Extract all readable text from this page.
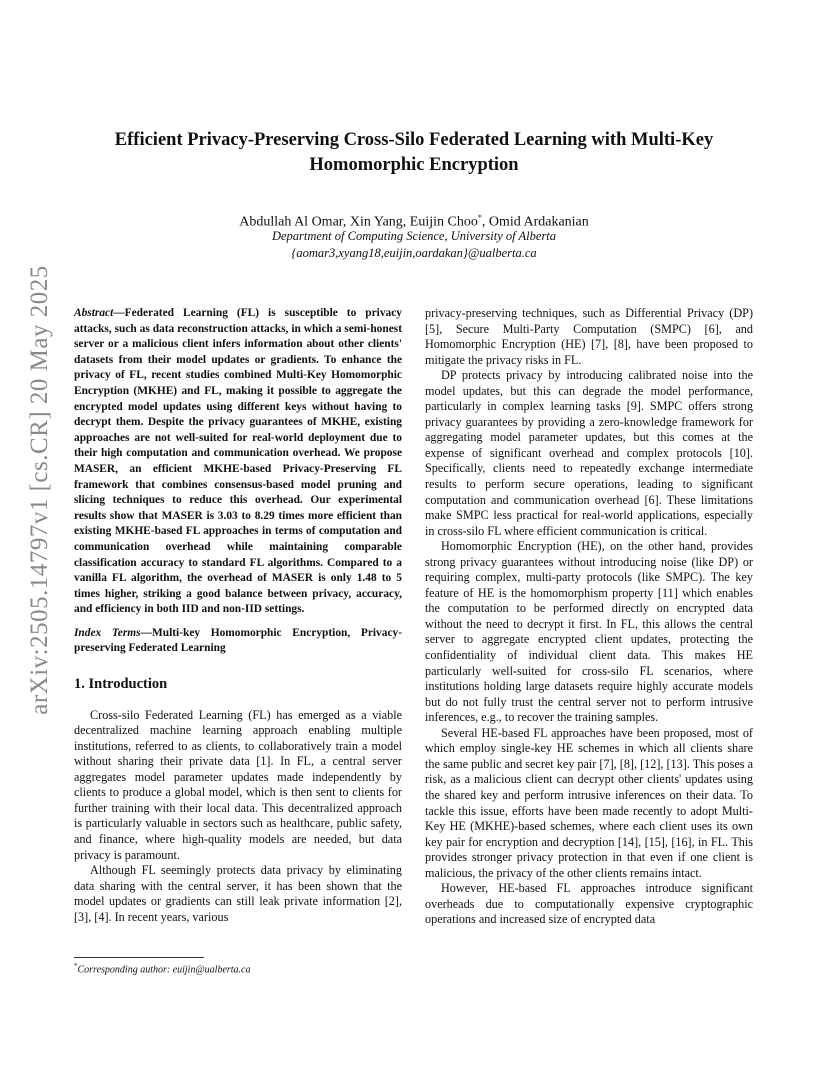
arXiv:2505.14797v1 [cs.CR] 20 May 2025
Efficient Privacy-Preserving Cross-Silo Federated Learning with Multi-Key Homomorphic Encryption
Abdullah Al Omar, Xin Yang, Euijin Choo*, Omid Ardakanian
Department of Computing Science, University of Alberta
{aomar3,xyang18,euijin,oardakan}@ualberta.ca

Abstract—Federated Learning (FL) is susceptible to privacy attacks, such as data reconstruction attacks, in which a semi-honest server or a malicious client infers information about other clients' datasets from their model updates or gradients. To enhance the privacy of FL, recent studies combined Multi-Key Homomorphic Encryption (MKHE) and FL, making it possible to aggregate the encrypted model updates using different keys without having to decrypt them. Despite the privacy guarantees of MKHE, existing approaches are not well-suited for real-world deployment due to their high computation and communication overhead. We propose MASER, an efficient MKHE-based Privacy-Preserving FL framework that combines consensus-based model pruning and slicing techniques to reduce this overhead. Our experimental results show that MASER is 3.03 to 8.29 times more efficient than existing MKHE-based FL approaches in terms of computation and communication overhead while maintaining comparable classification accuracy to standard FL algorithms. Compared to a vanilla FL algorithm, the overhead of MASER is only 1.48 to 5 times higher, striking a good balance between privacy, accuracy, and efficiency in both IID and non-IID settings.

Index Terms—Multi-key Homomorphic Encryption, Privacy-preserving Federated Learning

1. Introduction

Cross-silo Federated Learning (FL) has emerged as a viable decentralized machine learning approach enabling multiple institutions, referred to as clients, to collaboratively train a model without sharing their private data [1]. In FL, a central server aggregates model parameter updates made independently by clients to produce a global model, which is then sent to clients for further training with their local data. This decentralized approach is particularly valuable in sectors such as healthcare, public safety, and finance, where high-quality models are needed, but data privacy is paramount.

Although FL seemingly protects data privacy by eliminating data sharing with the central server, it has been shown that the model updates or gradients can still leak private information [2], [3], [4]. In recent years, various

privacy-preserving techniques, such as Differential Privacy (DP) [5], Secure Multi-Party Computation (SMPC) [6], and Homomorphic Encryption (HE) [7], [8], have been proposed to mitigate the privacy risks in FL.

DP protects privacy by introducing calibrated noise into the model updates, but this can degrade the model performance, particularly in complex learning tasks [9]. SMPC offers strong privacy guarantees by providing a zero-knowledge framework for aggregating model parameter updates, but this comes at the expense of significant overhead and complex protocols [10]. Specifically, clients need to repeatedly exchange intermediate results to perform secure operations, leading to significant computation and communication overhead [6]. These limitations make SMPC less practical for real-world applications, especially in cross-silo FL where efficient communication is critical.

Homomorphic Encryption (HE), on the other hand, provides strong privacy guarantees without introducing noise (like DP) or requiring complex, multi-party protocols (like SMPC). The key feature of HE is the homomorphism property [11] which enables the computation to be performed directly on encrypted data without the need to decrypt it first. In FL, this allows the central server to aggregate encrypted client updates, protecting the confidentiality of individual client data. This makes HE particularly well-suited for cross-silo FL scenarios, where institutions holding large datasets require highly accurate models but do not fully trust the central server not to perform intrusive inferences, e.g., to recover the training samples.

Several HE-based FL approaches have been proposed, most of which employ single-key HE schemes in which all clients share the same public and secret key pair [7], [8], [12], [13]. This poses a risk, as a malicious client can decrypt other clients' updates using the shared key and perform intrusive inferences on their data. To tackle this issue, efforts have been made recently to adopt Multi-Key HE (MKHE)-based schemes, where each client uses its own key pair for encryption and decryption [14], [15], [16], in FL. This provides stronger privacy protection in that even if one client is malicious, the privacy of the other clients remains intact.

However, HE-based FL approaches introduce significant overheads due to computationally expensive cryptographic operations and increased size of encrypted data

*Corresponding author: euijin@ualberta.ca
